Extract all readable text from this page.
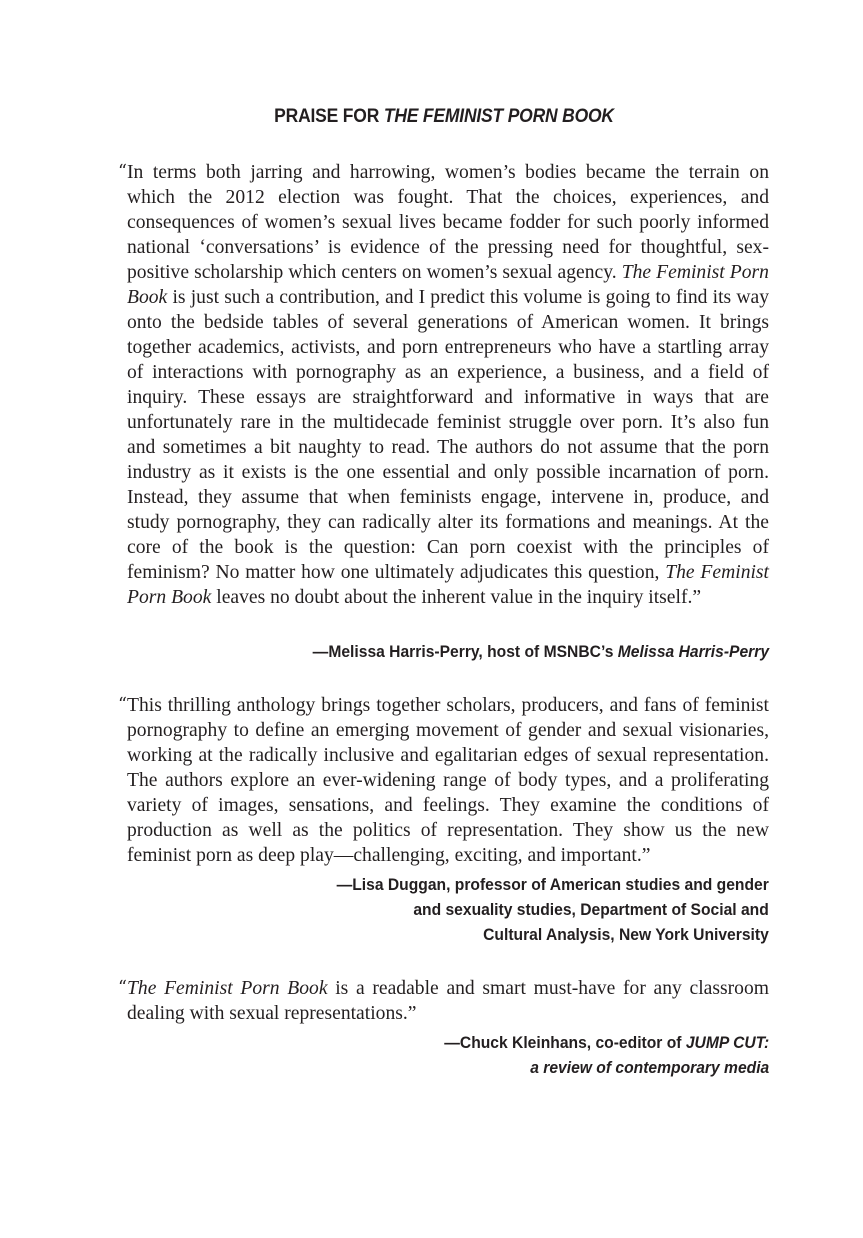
PRAISE FOR THE FEMINIST PORN BOOK
“ In terms both jarring and harrowing, women’s bodies became the terrain on which the 2012 election was fought. That the choices, experiences, and consequences of women’s sexual lives became fodder for such poorly informed national ‘conversations’ is evidence of the pressing need for thoughtful, sex-positive scholarship which centers on women’s sexual agency. The Feminist Porn Book is just such a contribution, and I predict this volume is going to find its way onto the bedside tables of several generations of American women. It brings together academics, activists, and porn entrepreneurs who have a startling array of interactions with pornography as an experience, a business, and a field of inquiry. These essays are straightforward and informative in ways that are unfortunately rare in the multidecade feminist struggle over porn. It’s also fun and sometimes a bit naughty to read. The authors do not assume that the porn industry as it exists is the one essential and only possible incarnation of porn. Instead, they assume that when feminists engage, intervene in, produce, and study pornography, they can radically alter its formations and meanings. At the core of the book is the question: Can porn coexist with the principles of feminism? No matter how one ultimately adjudicates this question, The Feminist Porn Book leaves no doubt about the inherent value in the inquiry itself.”

—Melissa Harris-Perry, host of MSNBC’s Melissa Harris-Perry
“ This thrilling anthology brings together scholars, producers, and fans of feminist pornography to define an emerging movement of gender and sexual visionaries, working at the radically inclusive and egalitarian edges of sexual representation. The authors explore an ever-widening range of body types, and a proliferating variety of images, sensations, and feelings. They examine the conditions of production as well as the politics of representation. They show us the new feminist porn as deep play—challenging, exciting, and important.”

—Lisa Duggan, professor of American studies and gender
and sexuality studies, Department of Social and
Cultural Analysis, New York University
“ The Feminist Porn Book is a readable and smart must-have for any classroom dealing with sexual representations.”

—Chuck Kleinhans, co-editor of JUMP CUT:
a review of contemporary media
